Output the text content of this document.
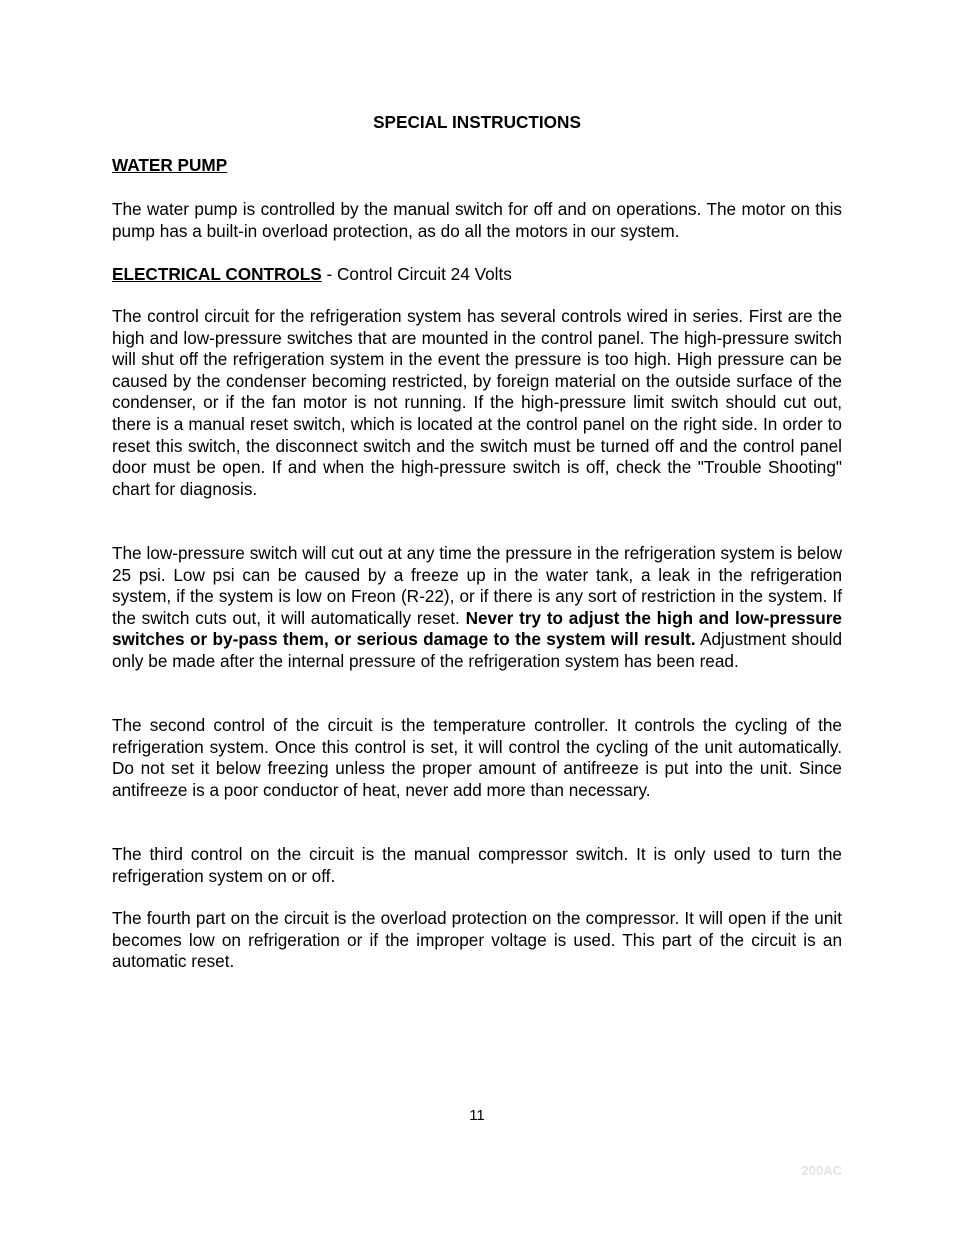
SPECIAL INSTRUCTIONS
WATER PUMP

The water pump is controlled by the manual switch for off and on operations. The motor on this pump has a built-in overload protection, as do all the motors in our system.

ELECTRICAL CONTROLS - Control Circuit 24 Volts

The control circuit for the refrigeration system has several controls wired in series. First are the high and low-pressure switches that are mounted in the control panel. The high-pressure switch will shut off the refrigeration system in the event the pressure is too high. High pressure can be caused by the condenser becoming restricted, by foreign material on the outside surface of the condenser, or if the fan motor is not running. If the high-pressure limit switch should cut out, there is a manual reset switch, which is located at the control panel on the right side. In order to reset this switch, the disconnect switch and the switch must be turned off and the control panel door must be open. If and when the high-pressure switch is off, check the "Trouble Shooting" chart for diagnosis.

The low-pressure switch will cut out at any time the pressure in the refrigeration system is below 25 psi. Low psi can be caused by a freeze up in the water tank, a leak in the refrigeration system, if the system is low on Freon (R-22), or if there is any sort of restriction in the system. If the switch cuts out, it will automatically reset. Never try to adjust the high and low-pressure switches or by-pass them, or serious damage to the system will result. Adjustment should only be made after the internal pressure of the refrigeration system has been read.

The second control of the circuit is the temperature controller. It controls the cycling of the refrigeration system. Once this control is set, it will control the cycling of the unit automatically. Do not set it below freezing unless the proper amount of antifreeze is put into the unit. Since antifreeze is a poor conductor of heat, never add more than necessary.

The third control on the circuit is the manual compressor switch. It is only used to turn the refrigeration system on or off.

The fourth part on the circuit is the overload protection on the compressor. It will open if the unit becomes low on refrigeration or if the improper voltage is used. This part of the circuit is an automatic reset.

11
200AC
